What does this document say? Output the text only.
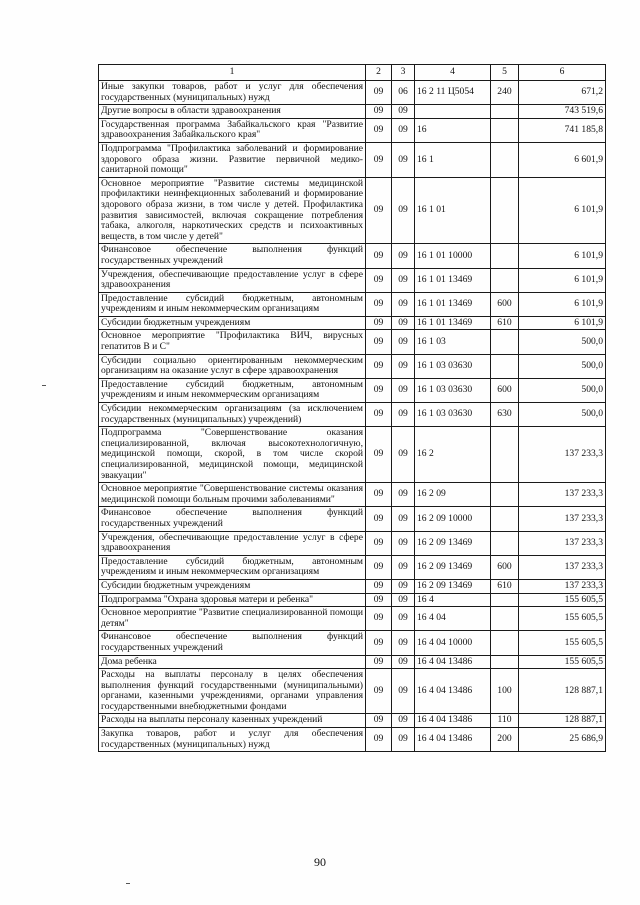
1	2	3	4	5	6
Иные закупки товаров, работ и услуг для обеспечения государственных (муниципальных) нужд	09	06	16 2 11 Ц5054	240	671,2
Другие вопросы в области здравоохранения	09	09			743 519,6
Государственная программа Забайкальского края "Развитие здравоохранения Забайкальского края"	09	09	16		741 185,8
Подпрограмма "Профилактика заболеваний и формирование здорового образа жизни. Развитие первичной медико-санитарной помощи"	09	09	16 1		6 601,9
Основное мероприятие "Развитие системы медицинской профилактики неинфекционных заболеваний и формирование здорового образа жизни, в том числе у детей. Профилактика развития зависимостей, включая сокращение потребления табака, алкоголя, наркотических средств и психоактивных веществ, в том числе у детей"	09	09	16 1 01		6 101,9
Финансовое обеспечение выполнения функций государственных учреждений	09	09	16 1 01 10000		6 101,9
Учреждения, обеспечивающие предоставление услуг в сфере здравоохранения	09	09	16 1 01 13469		6 101,9
Предоставление субсидий бюджетным, автономным учреждениям и иным некоммерческим организациям	09	09	16 1 01 13469	600	6 101,9
Субсидии бюджетным учреждениям	09	09	16 1 01 13469	610	6 101,9
Основное мероприятие "Профилактика ВИЧ, вирусных гепатитов В и С"	09	09	16 1 03		500,0
Субсидии социально ориентированным некоммерческим организациям на оказание услуг в сфере здравоохранения	09	09	16 1 03 03630		500,0
Предоставление субсидий бюджетным, автономным учреждениям и иным некоммерческим организациям	09	09	16 1 03 03630	600	500,0
Субсидии некоммерческим организациям (за исключением государственных (муниципальных) учреждений)	09	09	16 1 03 03630	630	500,0
Подпрограмма "Совершенствование оказания специализированной, включая высокотехнологичную, медицинской помощи, скорой, в том числе скорой специализированной, медицинской помощи, медицинской эвакуации"	09	09	16 2		137 233,3
Основное мероприятие "Совершенствование системы оказания медицинской помощи больным прочими заболеваниями"	09	09	16 2 09		137 233,3
Финансовое обеспечение выполнения функций государственных учреждений	09	09	16 2 09 10000		137 233,3
Учреждения, обеспечивающие предоставление услуг в сфере здравоохранения	09	09	16 2 09 13469		137 233,3
Предоставление субсидий бюджетным, автономным учреждениям и иным некоммерческим организациям	09	09	16 2 09 13469	600	137 233,3
Субсидии бюджетным учреждениям	09	09	16 2 09 13469	610	137 233,3
Подпрограмма "Охрана здоровья матери и ребенка"	09	09	16 4		155 605,5
Основное мероприятие "Развитие специализированной помощи детям"	09	09	16 4 04		155 605,5
Финансовое обеспечение выполнения функций государственных учреждений	09	09	16 4 04 10000		155 605,5
Дома ребенка	09	09	16 4 04 13486		155 605,5
Расходы на выплаты персоналу в целях обеспечения выполнения функций государственными (муниципальными) органами, казенными учреждениями, органами управления государственными внебюджетными фондами	09	09	16 4 04 13486	100	128 887,1
Расходы на выплаты персоналу казенных учреждений	09	09	16 4 04 13486	110	128 887,1
Закупка товаров, работ и услуг для обеспечения государственных (муниципальных) нужд	09	09	16 4 04 13486	200	25 686,9
90
